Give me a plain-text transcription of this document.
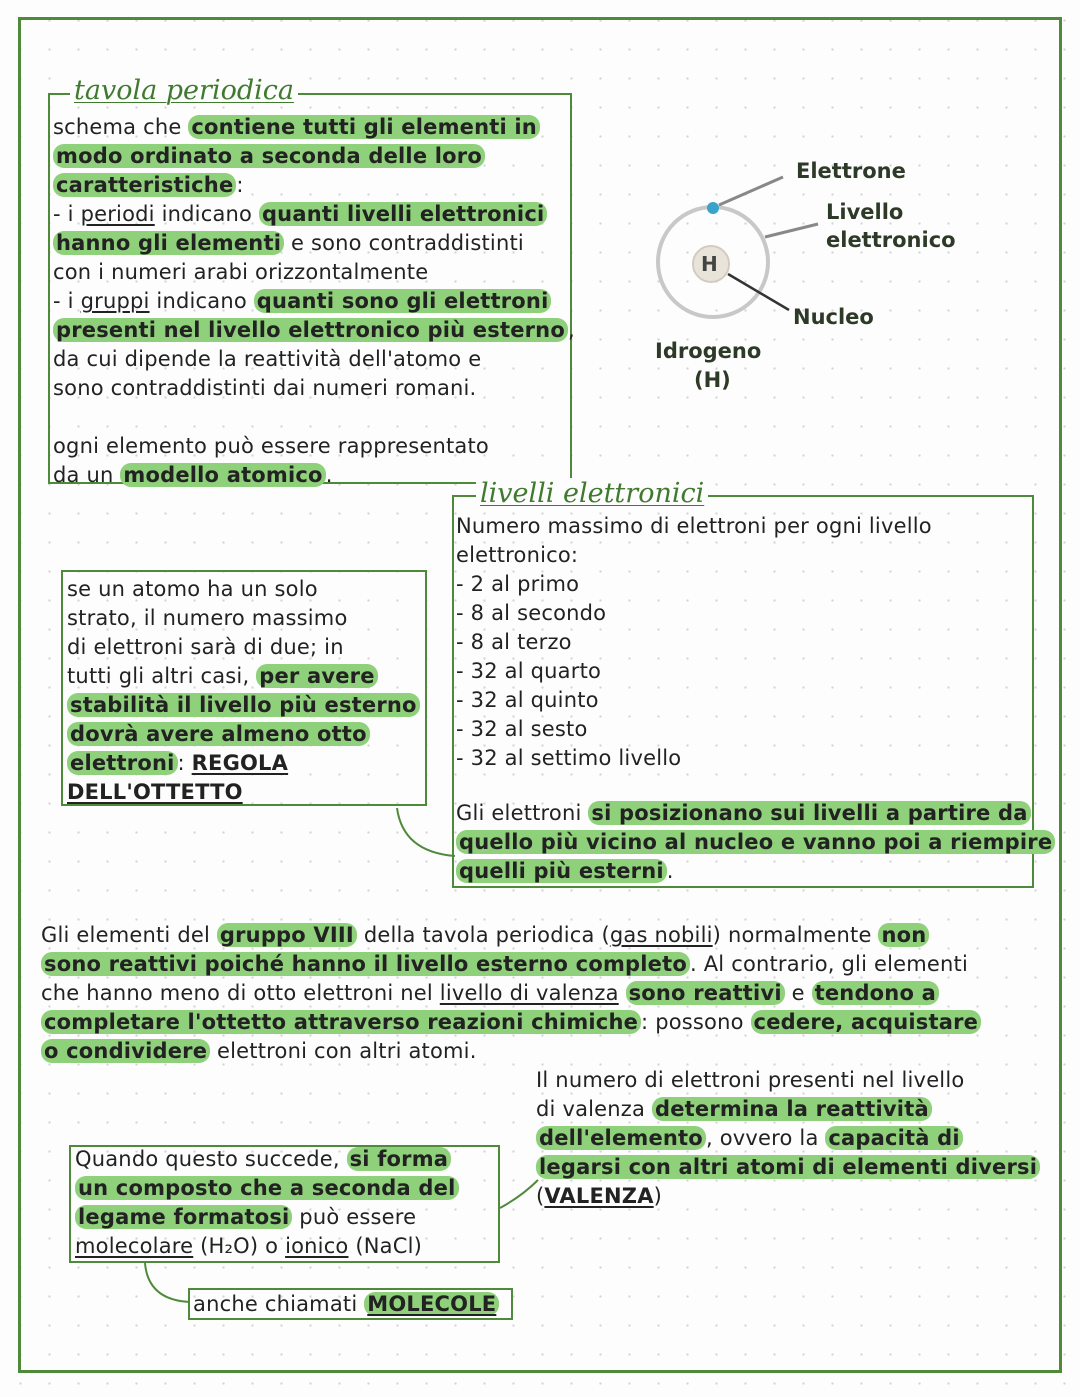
H
Elettrone
Livello
elettronico
Nucleo
Idrogeno
(H)
tavola periodica

schema che contiene tutti gli elementi in

modo ordinato a seconda delle loro

caratteristiche :

- i periodi indicano quanti livelli elettronici

hanno gli elementi e sono contraddistinti

con i numeri arabi orizzontalmente

- i gruppi indicano quanti sono gli elettroni

presenti nel livello elettronico più esterno ,

da cui dipende la reattività dell'atomo e

sono contraddistinti dai numeri romani.

ogni elemento può essere rappresentato

da un modello atomico .

livelli elettronici

Numero massimo di elettroni per ogni livello

elettronico:

- 2 al primo

- 8 al secondo

- 8 al terzo

- 32 al quarto

- 32 al quinto

- 32 al sesto

- 32 al settimo livello

Gli elettroni si posizionano sui livelli a partire da

quello più vicino al nucleo e vanno poi a riempire

quelli più esterni .

se un atomo ha un solo

strato, il numero massimo

di elettroni sarà di due; in

tutti gli altri casi, per avere

stabilità il livello più esterno

dovrà avere almeno otto

elettroni : REGOLA

DELL'OTTETTO

Gli elementi del gruppo VIII della tavola periodica (gas nobili) normalmente non

sono reattivi poiché hanno il livello esterno completo . Al contrario, gli elementi

che hanno meno di otto elettroni nel livello di valenza sono reattivi e tendono a

completare l'ottetto attraverso reazioni chimiche : possono cedere, acquistare

o condividere elettroni con altri atomi.

Il numero di elettroni presenti nel livello

di valenza determina la reattività

dell'elemento , ovvero la capacità di

legarsi con altri atomi di elementi diversi

(VALENZA)

Quando questo succede, si forma

un composto che a seconda del

legame formatosi può essere

molecolare (H₂O) o ionico (NaCl)

anche chiamati MOLECOLE
